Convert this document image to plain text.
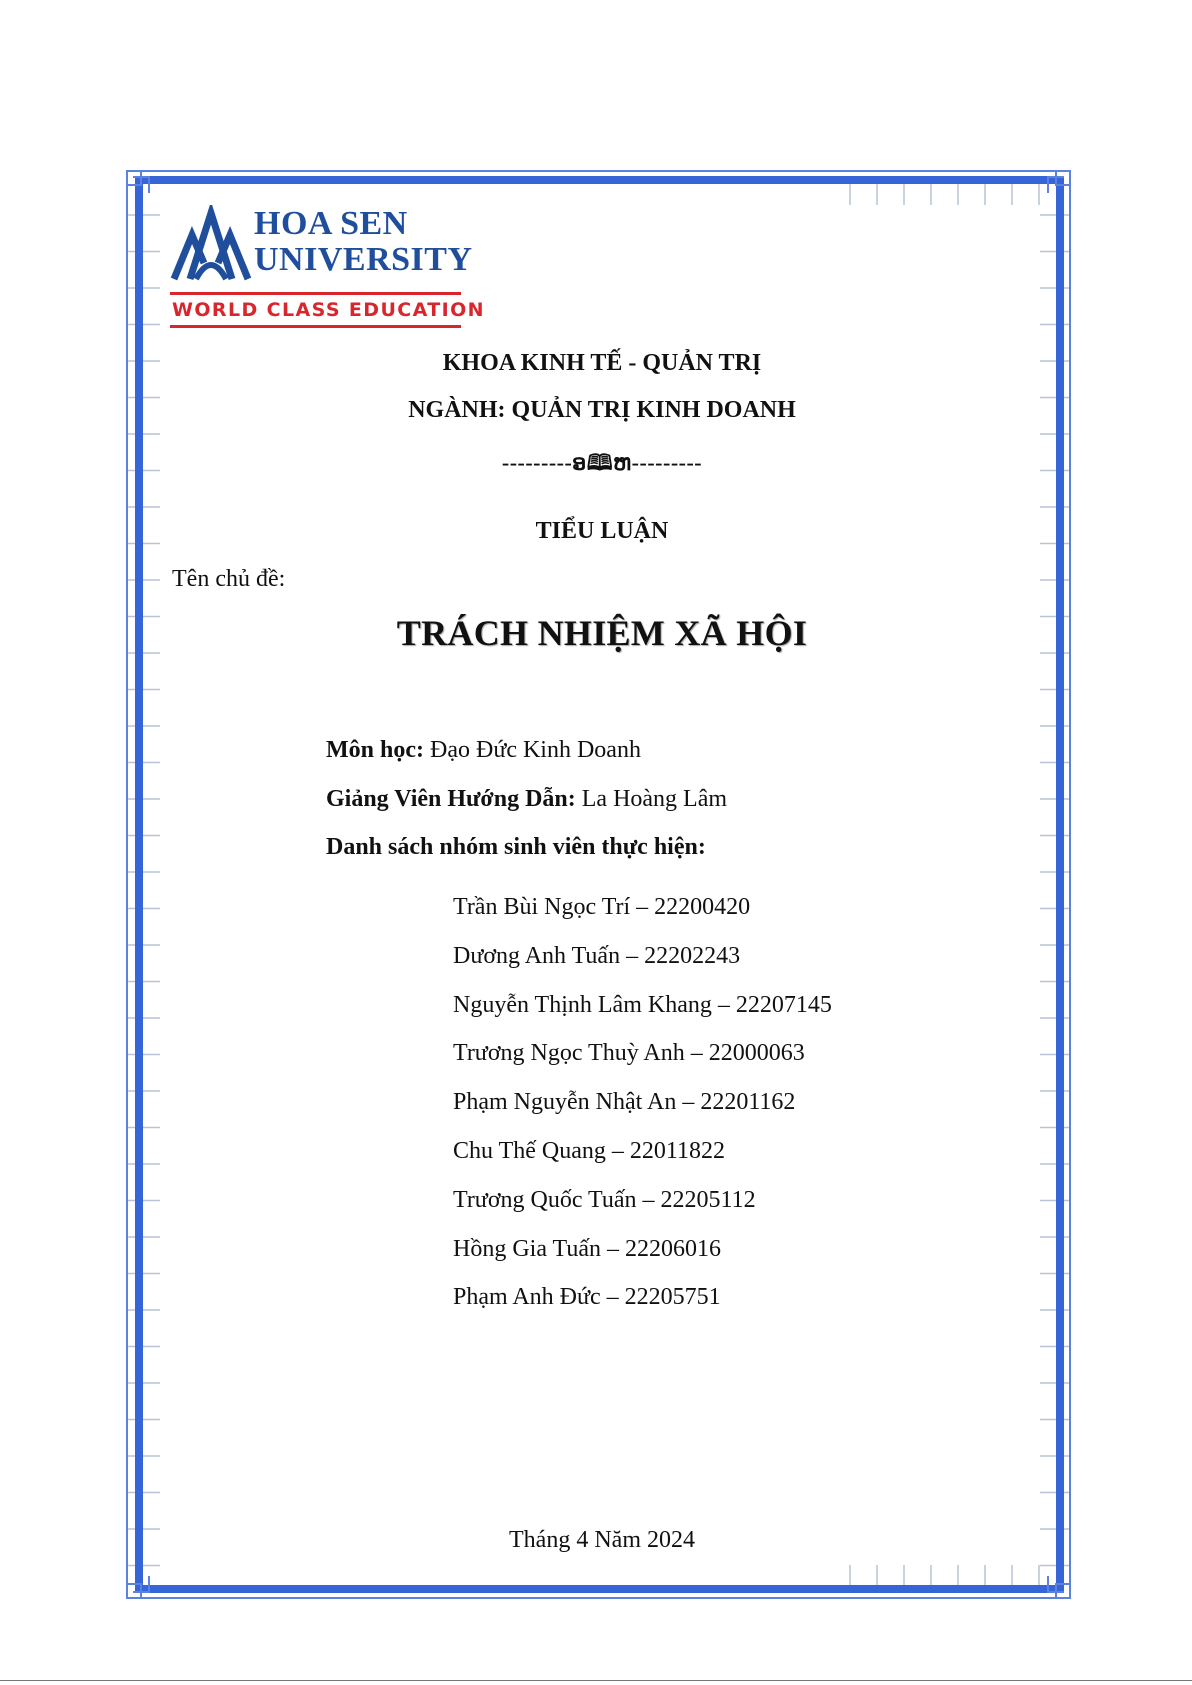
HOA SEN
UNIVERSITY
WORLD CLASS EDUCATION
KHOA KINH TẾ - QUẢN TRỊ
NGÀNH: QUẢN TRỊ KINH DOANH
---------ອ🕮ຫ---------
TIỂU LUẬN
Tên chủ đề:
TRÁCH NHIỆM XÃ HỘI
Môn học: Đạo Đức Kinh Doanh
Giảng Viên Hướng Dẫn: La Hoàng Lâm
Danh sách nhóm sinh viên thực hiện:
Trần Bùi Ngọc Trí – 22200420
Dương Anh Tuấn – 22202243
Nguyễn Thịnh Lâm Khang – 22207145
Trương Ngọc Thuỳ Anh – 22000063
Phạm Nguyễn Nhật An – 22201162
Chu Thế Quang – 22011822
Trương Quốc Tuấn – 22205112
Hồng Gia Tuấn – 22206016
Phạm Anh Đức – 22205751
Tháng 4 Năm 2024
